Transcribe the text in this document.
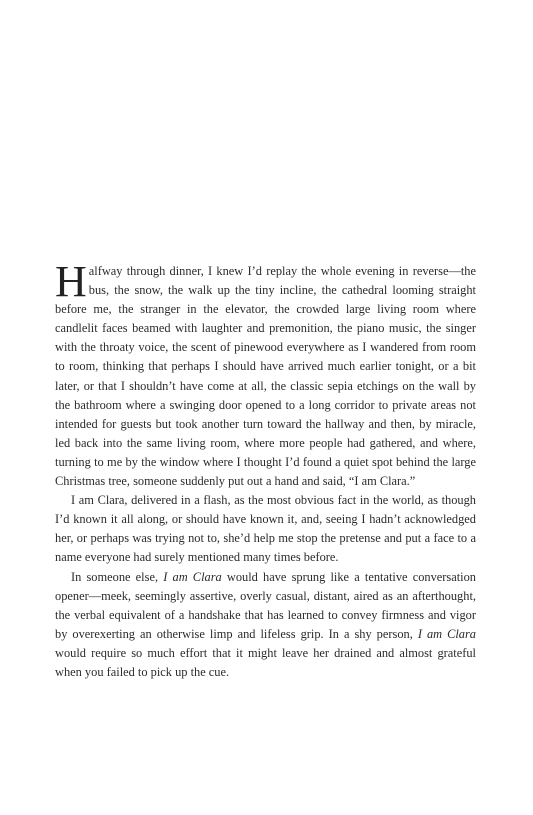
Halfway through dinner, I knew I’d replay the whole evening in reverse—the bus, the snow, the walk up the tiny incline, the cathedral looming straight before me, the stranger in the elevator, the crowded large living room where candlelit faces beamed with laughter and premonition, the piano music, the singer with the throaty voice, the scent of pinewood everywhere as I wandered from room to room, thinking that perhaps I should have arrived much earlier tonight, or a bit later, or that I shouldn’t have come at all, the classic sepia etchings on the wall by the bathroom where a swinging door opened to a long corridor to private areas not intended for guests but took another turn toward the hallway and then, by miracle, led back into the same living room, where more people had gathered, and where, turning to me by the window where I thought I’d found a quiet spot behind the large Christmas tree, someone suddenly put out a hand and said, “I am Clara.”

I am Clara, delivered in a flash, as the most obvious fact in the world, as though I’d known it all along, or should have known it, and, seeing I hadn’t acknowledged her, or perhaps was trying not to, she’d help me stop the pretense and put a face to a name everyone had surely mentioned many times before.

In someone else, I am Clara would have sprung like a tentative conversation opener—meek, seemingly assertive, overly casual, distant, aired as an afterthought, the verbal equivalent of a handshake that has learned to convey firmness and vigor by overexerting an otherwise limp and lifeless grip. In a shy person, I am Clara would require so much effort that it might leave her drained and almost grateful when you failed to pick up the cue.
